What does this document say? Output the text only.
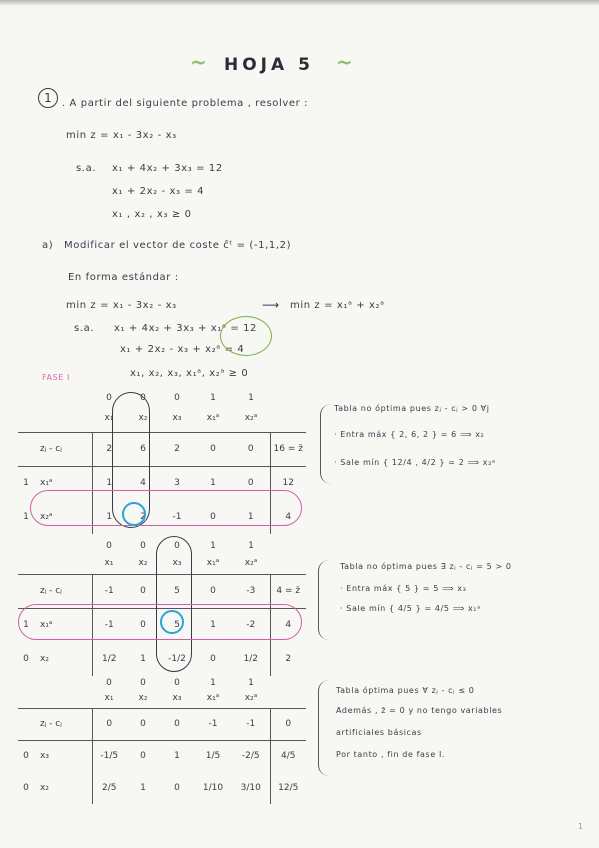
~ HOJA 5 ~
1	. A partir del siguiente problema , resolver :
min z = x₁ - 3x₂ - x₃
s.a. x₁ + 4x₂ + 3x₃ = 12
x₁ + 2x₂ - x₃ = 4
x₁ , x₂ , x₃ ≥ 0
a) Modificar el vector de coste ĉᵗ = (-1,1,2)
En forma estándar :
min z = x₁ - 3x₂ - x₃	⟶ min z = x₁ᵃ + x₂ᵃ
s.a. x₁ + 4x₂ + 3x₃ + x₁ᵃ = 12
x₁ + 2x₂ - x₃ + x₂ᵃ = 4
x₁, x₂, x₃, x₁ᵃ, x₂ᵃ ≥ 0
FASE I
		0	0	0	1	1	
		x₁	x₂	x₃	x₁ᵃ	x₂ᵃ	
	zⱼ - cⱼ	2	6	2	0	0	16 = z̄
1	x₁ᵃ	1	4	3	1	0	12
1	x₂ᵃ	1	2	-1	0	1	4
Tabla no óptima pues zⱼ - cⱼ > 0 ∀j
· Entra máx { 2, 6, 2 } = 6 ⟹ x₂
· Sale mín { 12/4 , 4/2 } = 2 ⟹ x₂ᵃ
		0	0	0	1	1	
		x₁	x₂	x₃	x₁ᵃ	x₂ᵃ	
	zⱼ - cⱼ	-1	0	5	0	-3	4 = z̄
1	x₁ᵃ	-1	0	5	1	-2	4
0	x₂	1/2	1	-1/2	0	1/2	2
Tabla no óptima pues ∃ zⱼ - cⱼ = 5 > 0
· Entra máx { 5 } = 5 ⟹ x₃
· Sale mín { 4/5 } = 4/5 ⟹ x₁ᵃ
		0	0	0	1	1	
		x₁	x₂	x₃	x₁ᵃ	x₂ᵃ	
	zⱼ - cⱼ	0	0	0	-1	-1	0
0	x₃	-1/5	0	1	1/5	-2/5	4/5
0	x₂	2/5	1	0	1/10	3/10	12/5
Tabla óptima pues ∀ zⱼ - cⱼ ≤ 0
Además , z̄ = 0 y no tengo variables
artificiales básicas
Por tanto , fin de fase I.
1
